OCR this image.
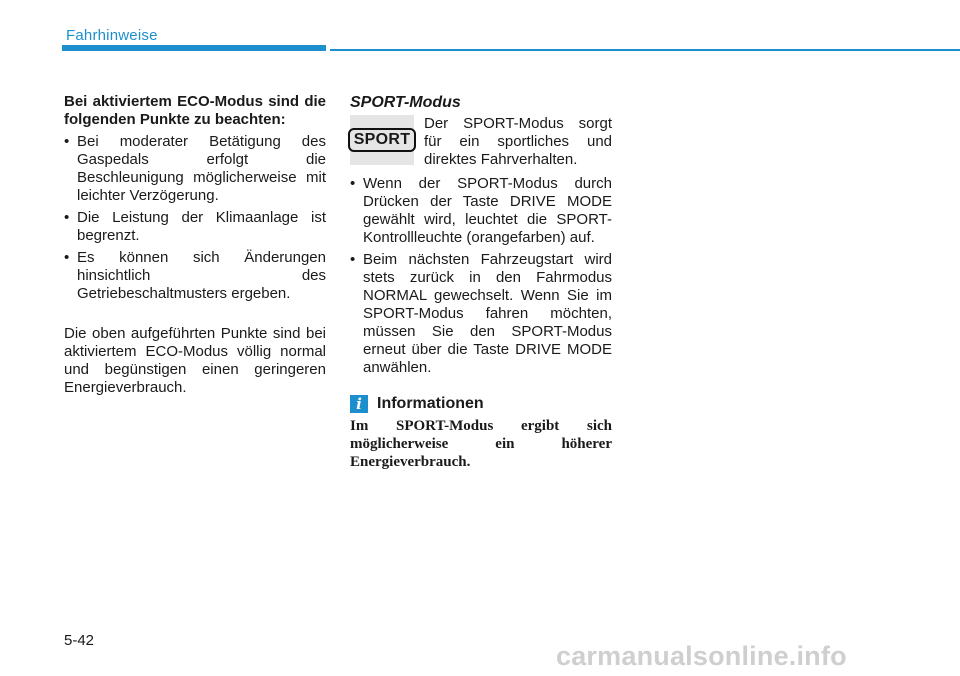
Fahrhinweise
Bei aktiviertem ECO-Modus sind die folgenden Punkte zu beachten:
• Bei moderater Betätigung des Gaspedals erfolgt die Beschleunigung möglicherweise mit leichter Verzögerung.
• Die Leistung der Klimaanlage ist begrenzt.
• Es können sich Änderungen hinsichtlich des Getriebeschaltmusters ergeben.
Die oben aufgeführten Punkte sind bei aktiviertem ECO-Modus völlig normal und begünstigen einen geringeren Energieverbrauch.
SPORT-Modus
SPORT
Der SPORT-Modus sorgt für ein sportliches und direktes Fahrverhalten.
• Wenn der SPORT-Modus durch Drücken der Taste DRIVE MODE gewählt wird, leuchtet die SPORT-Kontrollleuchte (orangefarben) auf.
• Beim nächsten Fahrzeugstart wird stets zurück in den Fahrmodus NORMAL gewechselt. Wenn Sie im SPORT-Modus fahren möchten, müssen Sie den SPORT-Modus erneut über die Taste DRIVE MODE anwählen.
i Informationen
Im SPORT-Modus ergibt sich möglicherweise ein höherer Energieverbrauch.
5-42
carmanualsonline.info
